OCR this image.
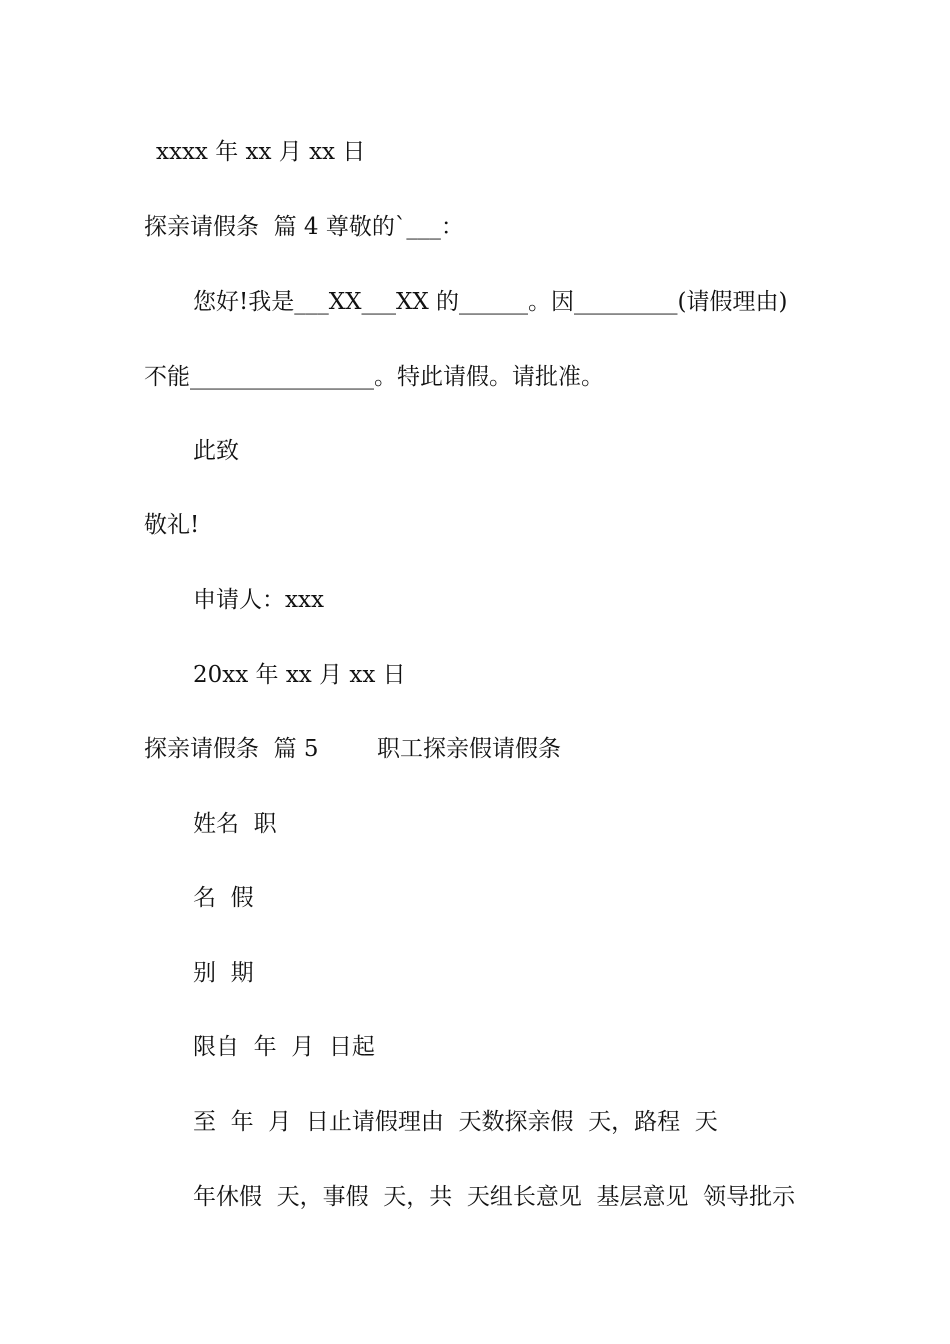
xxxx 年 xx 月 xx 日
探亲请假条  篇 4 尊敬的`___：
您好!我是___XX___XX 的______。因_________(请假理由)
不能________________。特此请假。请批准。
此致
敬礼!
申请人：xxx
20xx 年 xx 月 xx 日
探亲请假条  篇 5        职工探亲假请假条
姓名  职
名  假
别  期
限自  年  月  日起
至  年  月  日止请假理由  天数探亲假  天，路程  天
年休假  天，事假  天，共  天组长意见  基层意见  领导批示
